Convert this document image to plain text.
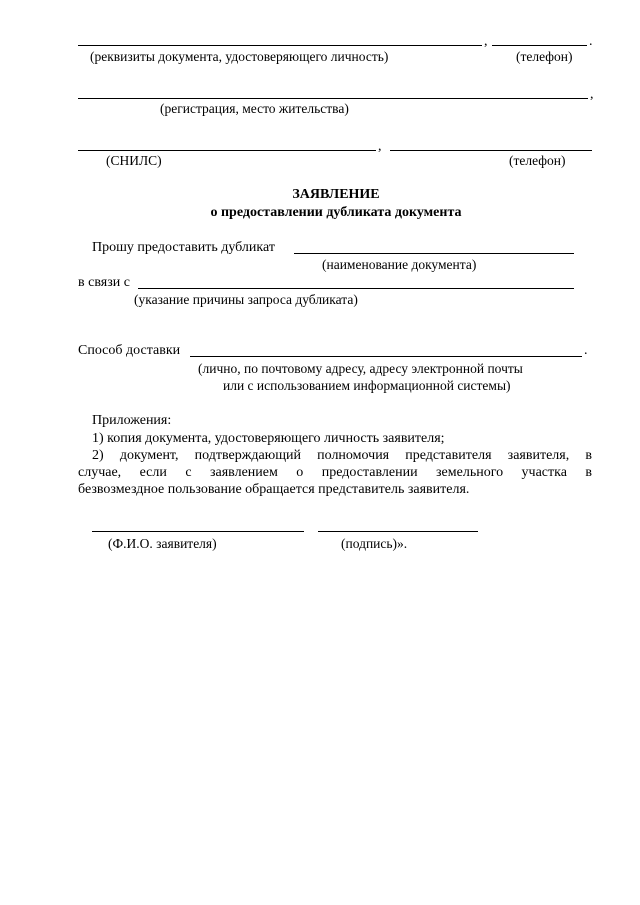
,	.
(реквизиты документа, удостоверяющего личность)	(телефон)
,
(регистрация, место жительства)
,
(СНИЛС)	(телефон)
ЗАЯВЛЕНИЕ
о предоставлении дубликата документа
Прошу предоставить дубликат
(наименование документа)
в связи с
(указание причины запроса дубликата)
Способ доставки	.
(лично, по почтовому адресу, адресу электронной почты
или с использованием информационной системы)
Приложения:
1) копия документа, удостоверяющего личность заявителя;
2) документ, подтверждающий полномочия представителя заявителя, в
случае, если с заявлением о предоставлении земельного участка в
безвозмездное пользование обращается представитель заявителя.
(Ф.И.О. заявителя)	(подпись)».
